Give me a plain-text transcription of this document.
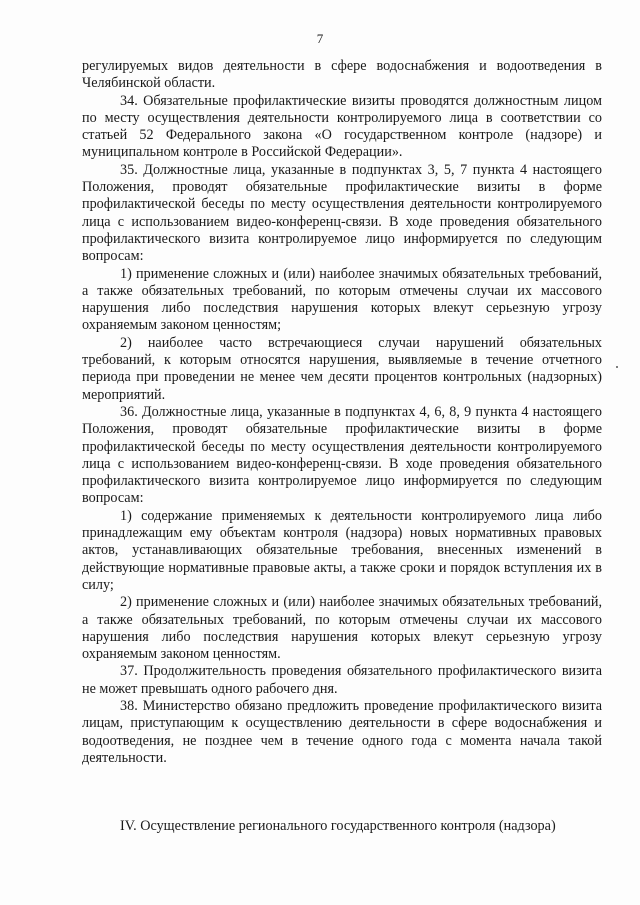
7

регулируемых видов деятельности в сфере водоснабжения и водоотведения в Челябинской области.

34. Обязательные профилактические визиты проводятся должностным лицом по месту осуществления деятельности контролируемого лица в соответствии со статьей 52 Федерального закона «О государственном контроле (надзоре) и муниципальном контроле в Российской Федерации».

35. Должностные лица, указанные в подпунктах 3, 5, 7 пункта 4 настоящего Положения, проводят обязательные профилактические визиты в форме профилактической беседы по месту осуществления деятельности контролируемого лица с использованием видео-конференц-связи. В ходе проведения обязательного профилактического визита контролируемое лицо информируется по следующим вопросам:

1) применение сложных и (или) наиболее значимых обязательных требований, а также обязательных требований, по которым отмечены случаи их массового нарушения либо последствия нарушения которых влекут серьезную угрозу охраняемым законом ценностям;

2) наиболее часто встречающиеся случаи нарушений обязательных требований, к которым относятся нарушения, выявляемые в течение отчетного периода при проведении не менее чем десяти процентов контрольных (надзорных) мероприятий.

36. Должностные лица, указанные в подпунктах 4, 6, 8, 9 пункта 4 настоящего Положения, проводят обязательные профилактические визиты в форме профилактической беседы по месту осуществления деятельности контролируемого лица с использованием видео-конференц-связи. В ходе проведения обязательного профилактического визита контролируемое лицо информируется по следующим вопросам:

1) содержание применяемых к деятельности контролируемого лица либо принадлежащим ему объектам контроля (надзора) новых нормативных правовых актов, устанавливающих обязательные требования, внесенных изменений в действующие нормативные правовые акты, а также сроки и порядок вступления их в силу;

2) применение сложных и (или) наиболее значимых обязательных требований, а также обязательных требований, по которым отмечены случаи их массового нарушения либо последствия нарушения которых влекут серьезную угрозу охраняемым законом ценностям.

37. Продолжительность проведения обязательного профилактического визита не может превышать одного рабочего дня.

38. Министерство обязано предложить проведение профилактического визита лицам, приступающим к осуществлению деятельности в сфере водоснабжения и водоотведения, не позднее чем в течение одного года с момента начала такой деятельности.

IV. Осуществление регионального государственного контроля (надзора)
